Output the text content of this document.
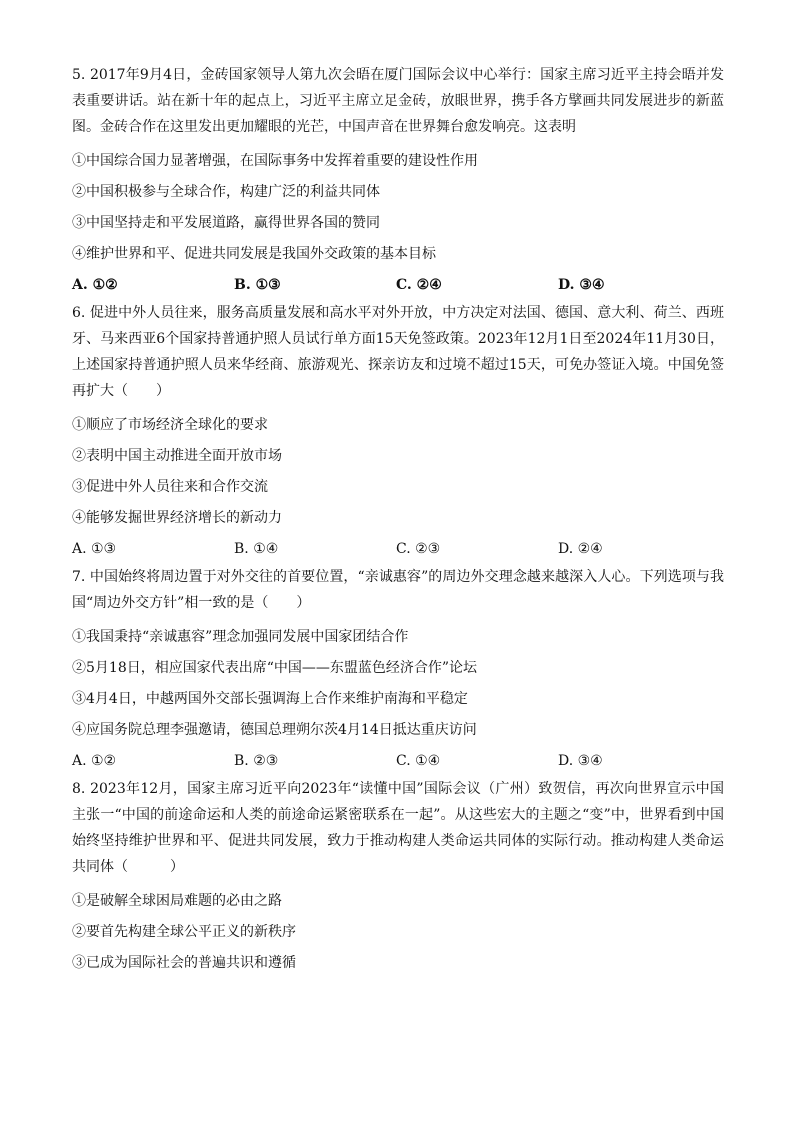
5. 2017年9月4日，金砖国家领导人第九次会晤在厦门国际会议中心举行：国家主席习近平主持会晤并发表重要讲话。站在新十年的起点上，习近平主席立足金砖，放眼世界，携手各方擘画共同发展进步的新蓝图。金砖合作在这里发出更加耀眼的光芒，中国声音在世界舞台愈发响亮。这表明

①中国综合国力显著增强，在国际事务中发挥着重要的建设性作用
②中国积极参与全球合作，构建广泛的利益共同体
③中国坚持走和平发展道路，赢得世界各国的赞同
④维护世界和平、促进共同发展是我国外交政策的基本目标
A. ①②	B. ①③	C. ②④	D. ③④

6. 促进中外人员往来，服务高质量发展和高水平对外开放，中方决定对法国、德国、意大利、荷兰、西班牙、马来西亚6个国家持普通护照人员试行单方面15天免签政策。2023年12月1日至2024年11月30日，上述国家持普通护照人员来华经商、旅游观光、探亲访友和过境不超过15天，可免办签证入境。中国免签再扩大（　　）

①顺应了市场经济全球化的要求
②表明中国主动推进全面开放市场
③促进中外人员往来和合作交流
④能够发掘世界经济增长的新动力
A. ①③	B. ①④	C. ②③	D. ②④

7. 中国始终将周边置于对外交往的首要位置，“亲诚惠容”的周边外交理念越来越深入人心。下列选项与我国“周边外交方针”相一致的是（　　）

①我国秉持“亲诚惠容”理念加强同发展中国家团结合作
②5月18日，相应国家代表出席“中国——东盟蓝色经济合作”论坛
③4月4日，中越两国外交部长强调海上合作来维护南海和平稳定
④应国务院总理李强邀请，德国总理朔尔茨4月14日抵达重庆访问
A. ①②	B. ②③	C. ①④	D. ③④

8. 2023年12月，国家主席习近平向2023年“读懂中国”国际会议（广州）致贺信，再次向世界宣示中国主张一“中国的前途命运和人类的前途命运紧密联系在一起”。从这些宏大的主题之“变”中，世界看到中国始终坚持维护世界和平、促进共同发展，致力于推动构建人类命运共同体的实际行动。推动构建人类命运共同体（　　　）

①是破解全球困局难题的必由之路
②要首先构建全球公平正义的新秩序
③已成为国际社会的普遍共识和遵循
